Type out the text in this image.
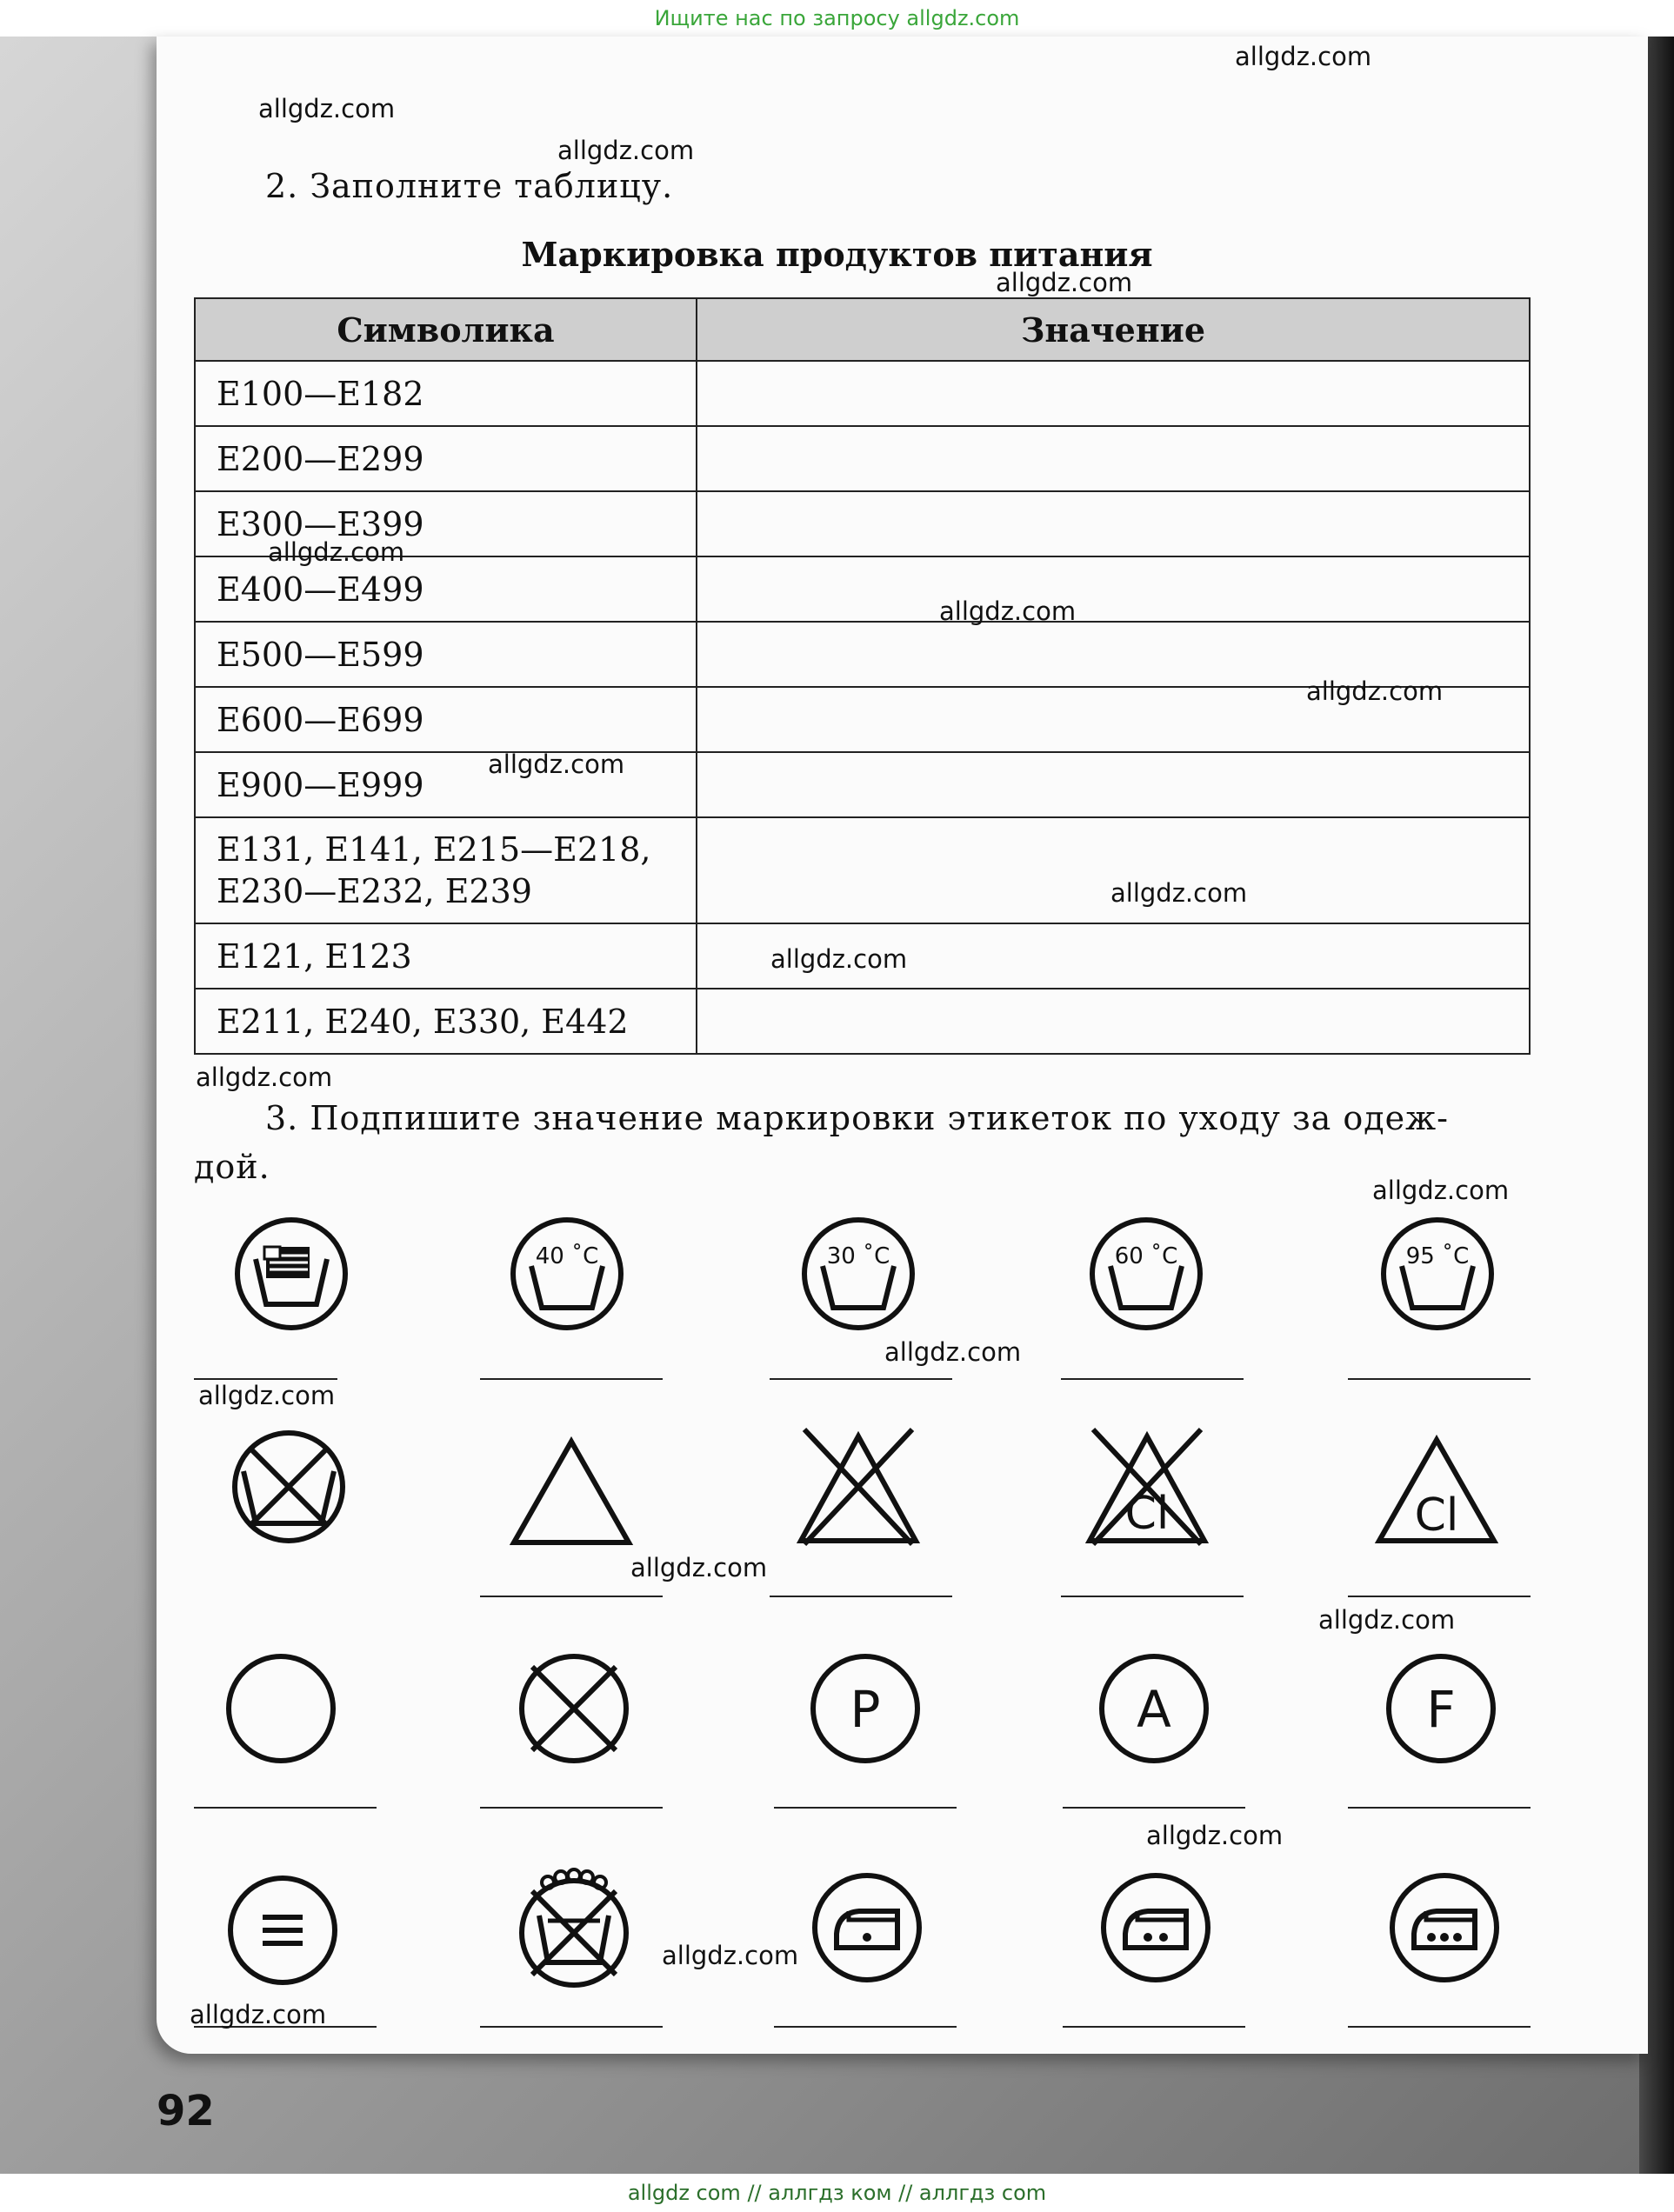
Ищите нас по запросу allgdz.com
2. Заполните таблицу.
Маркировка продуктов питания
Символика	Значение
E100—E182	
E200—E299	
E300—E399	
E400—E499	
E500—E599	
E600—E699	
E900—E999	
E131, E141, E215—E218,
E230—E232, E239	
E121, E123	
E211, E240, E330, E442	
3. Подпишите значение маркировки этикеток по уходу за одеж-
дой.
40 ˚C	30 ˚C	60 ˚C	95 ˚C
Cl	Cl
P	A	F
92
allgdz.com
allgdz.com
allgdz.com
allgdz.com
allgdz.com
allgdz.com
allgdz.com
allgdz.com
allgdz.com
allgdz.com
allgdz.com
allgdz.com
allgdz.com
allgdz.com
allgdz.com
allgdz.com
allgdz.com
allgdz.com
allgdz.com
allgdz com // аллгдз ком // аллгдз com
